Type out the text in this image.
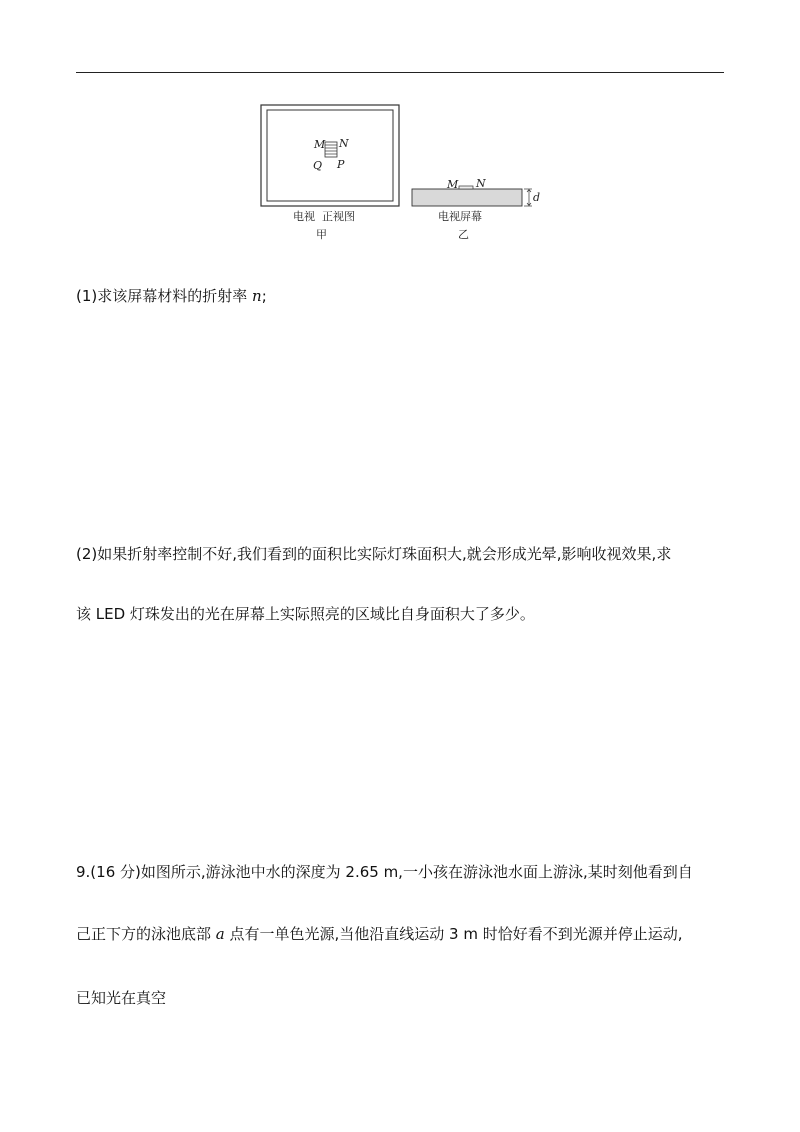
M N
Q P
电视  正视图
甲
M N
d
电视屏幕
乙
(1)求该屏幕材料的折射率 n;
(2)如果折射率控制不好,我们看到的面积比实际灯珠面积大,就会形成光晕,影响收视效果,求
该 LED 灯珠发出的光在屏幕上实际照亮的区域比自身面积大了多少。
9.(16 分)如图所示,游泳池中水的深度为 2.65 m,一小孩在游泳池水面上游泳,某时刻他看到自
己正下方的泳池底部 a 点有一单色光源,当他沿直线运动 3 m 时恰好看不到光源并停止运动,
已知光在真空
